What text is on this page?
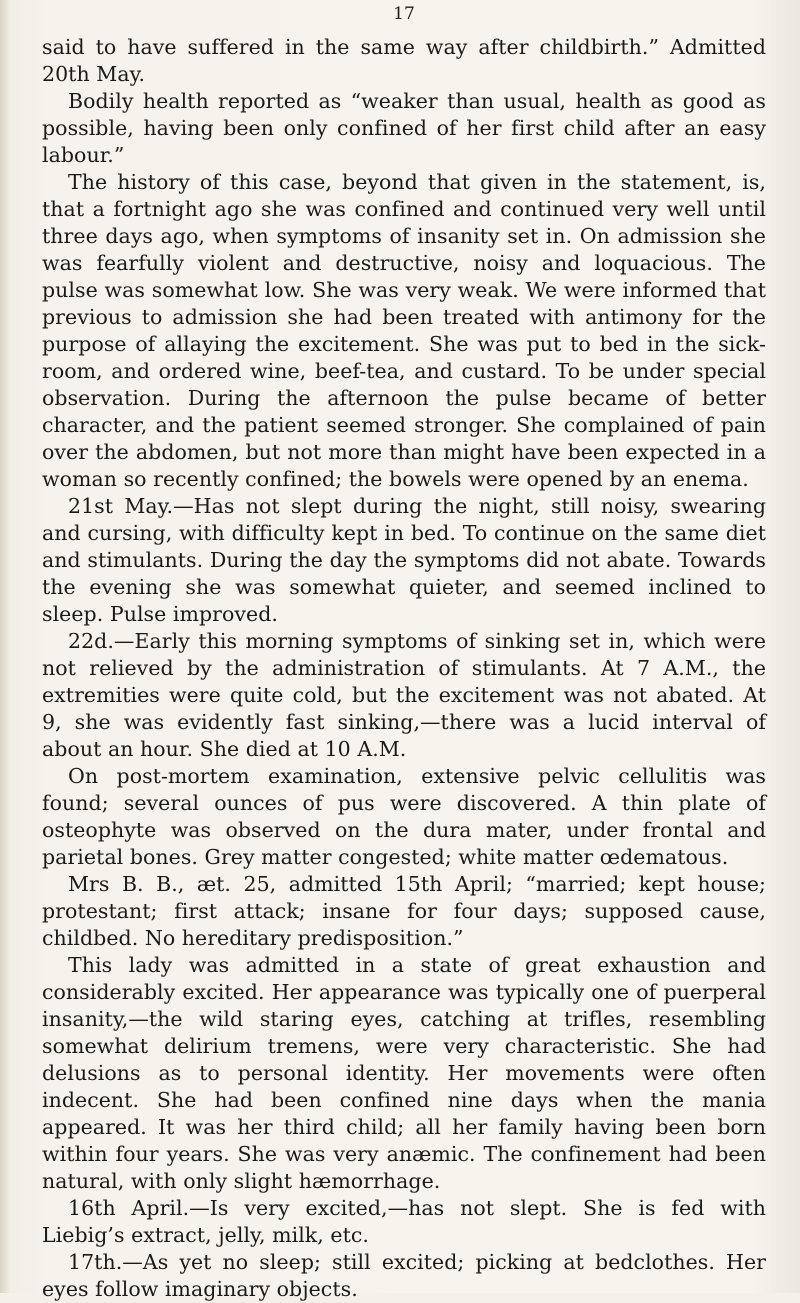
17

said to have suffered in the same way after childbirth.” Admitted 20th May.

Bodily health reported as “weaker than usual, health as good as possible, having been only confined of her first child after an easy labour.”

The history of this case, beyond that given in the statement, is, that a fortnight ago she was confined and continued very well until three days ago, when symptoms of insanity set in. On admission she was fearfully violent and destructive, noisy and loquacious. The pulse was somewhat low. She was very weak. We were informed that previous to admission she had been treated with antimony for the purpose of allaying the excitement. She was put to bed in the sick-room, and ordered wine, beef-tea, and custard. To be under special observation. During the afternoon the pulse became of better character, and the patient seemed stronger. She complained of pain over the abdomen, but not more than might have been expected in a woman so recently confined; the bowels were opened by an enema.

21st May.—Has not slept during the night, still noisy, swearing and cursing, with difficulty kept in bed. To continue on the same diet and stimulants. During the day the symptoms did not abate. Towards the evening she was somewhat quieter, and seemed inclined to sleep. Pulse improved.

22d.—Early this morning symptoms of sinking set in, which were not relieved by the administration of stimulants. At 7 A.M., the extremities were quite cold, but the excitement was not abated. At 9, she was evidently fast sinking,—there was a lucid interval of about an hour. She died at 10 A.M.

On post-mortem examination, extensive pelvic cellulitis was found; several ounces of pus were discovered. A thin plate of osteophyte was observed on the dura mater, under frontal and parietal bones. Grey matter congested; white matter œdematous.

Mrs B. B., æt. 25, admitted 15th April; “married; kept house; protestant; first attack; insane for four days; supposed cause, childbed. No hereditary predisposition.”

This lady was admitted in a state of great exhaustion and considerably excited. Her appearance was typically one of puerperal insanity,—the wild staring eyes, catching at trifles, resembling somewhat delirium tremens, were very characteristic. She had delusions as to personal identity. Her movements were often indecent. She had been confined nine days when the mania appeared. It was her third child; all her family having been born within four years. She was very anæmic. The confinement had been natural, with only slight hæmorrhage.

16th April.—Is very excited,—has not slept. She is fed with Liebig’s extract, jelly, milk, etc.

17th.—As yet no sleep; still excited; picking at bedclothes. Her eyes follow imaginary objects.
